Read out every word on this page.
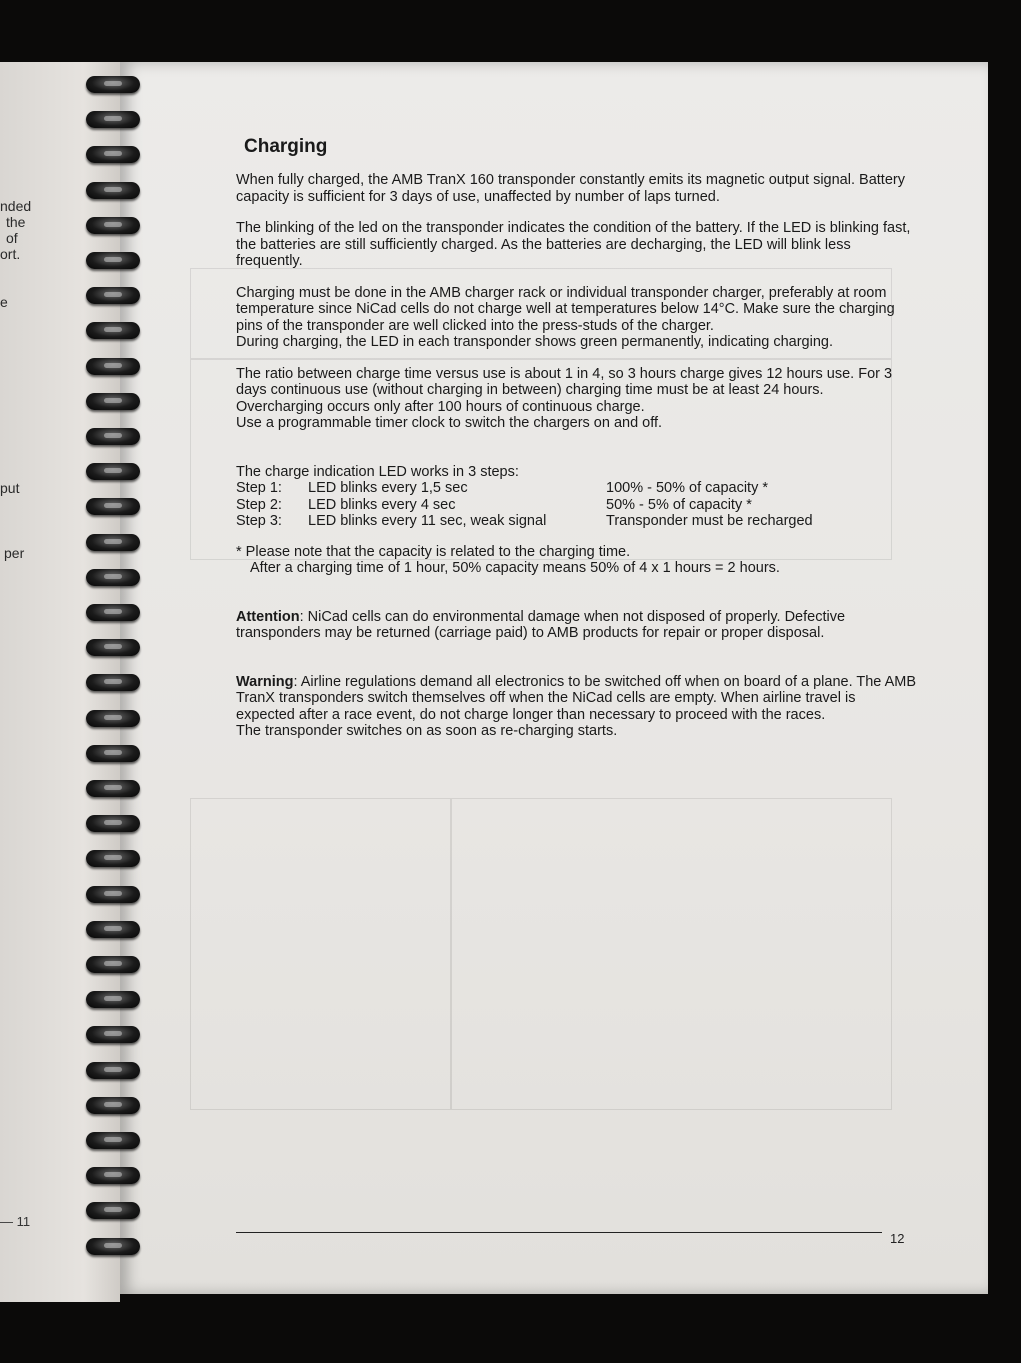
nded
the
of
ort.
e
put
per
— 11
Charging

When fully charged, the AMB TranX 160 transponder constantly emits its magnetic output signal. Battery capacity is sufficient for 3 days of use, unaffected by number of laps turned.

The blinking of the led on the transponder indicates the condition of the battery. If the LED is blinking fast, the batteries are still sufficiently charged. As the batteries are decharging, the LED will blink less frequently.

Charging must be done in the AMB charger rack or individual transponder charger, preferably at room temperature since NiCad cells do not charge well at temperatures below 14°C. Make sure the charging pins of the transponder are well clicked into the press-studs of the charger.
During charging, the LED in each transponder shows green permanently, indicating charging.
The ratio between charge time versus use is about 1 in 4, so 3 hours charge gives 12 hours use. For 3 days continuous use (without charging in between) charging time must be at least 24 hours.
Overcharging occurs only after 100 hours of continuous charge.
Use a programmable timer clock to switch the chargers on and off.
The charge indication LED works in 3 steps:
Step 1:	LED blinks every 1,5 sec	100% - 50% of capacity *
Step 2:	LED blinks every 4 sec	50% - 5% of capacity *
Step 3:	LED blinks every 11 sec, weak signal	Transponder must be recharged
* Please note that the capacity is related to the charging time.
After a charging time of 1 hour, 50% capacity means 50% of 4 x 1 hours = 2 hours.

Attention: NiCad cells can do environmental damage when not disposed of properly. Defective transponders may be returned (carriage paid) to AMB products for repair or proper disposal.

Warning: Airline regulations demand all electronics to be switched off when on board of a plane. The AMB TranX transponders switch themselves off when the NiCad cells are empty. When airline travel is expected after a race event, do not charge longer than necessary to proceed with the races.
The transponder switches on as soon as re-charging starts.
12
